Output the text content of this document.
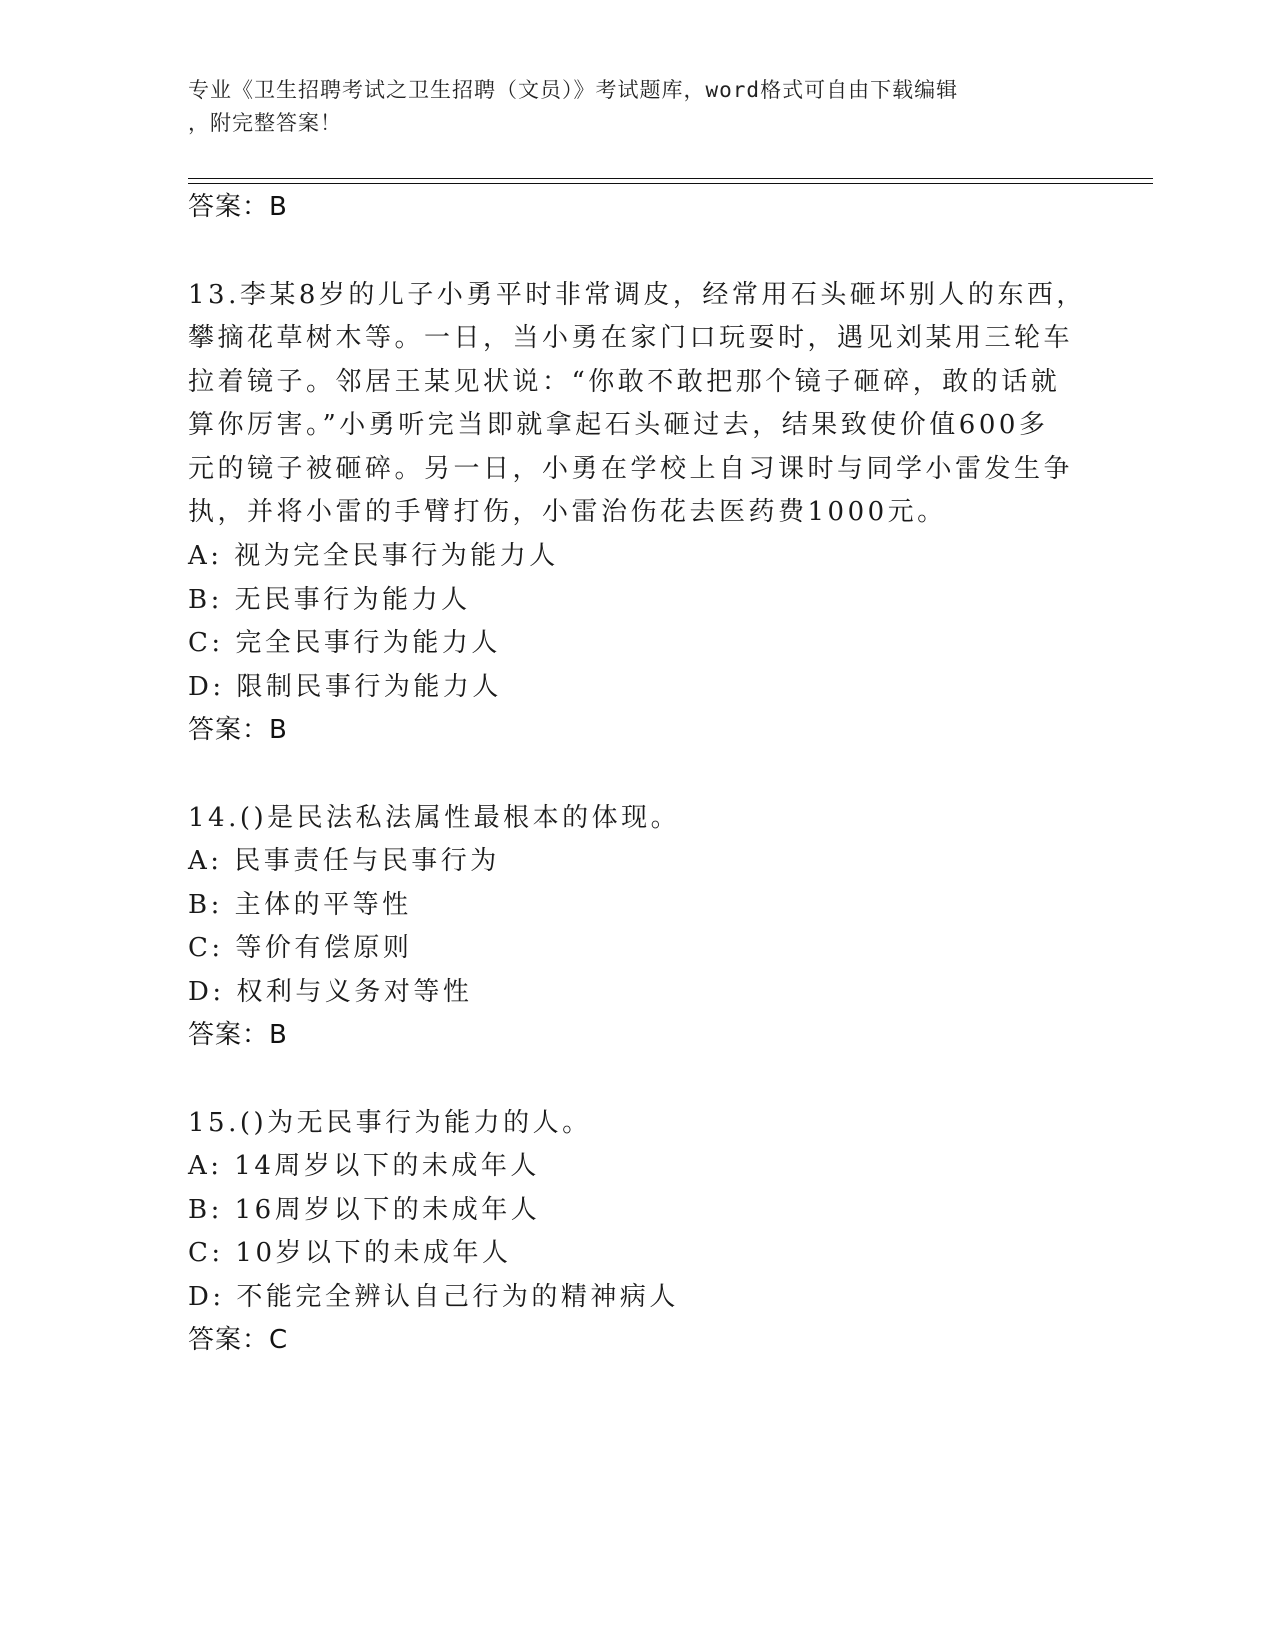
专业《卫生招聘考试之卫生招聘（文员）》考试题库，word格式可自由下载编辑
，附完整答案！
答案：B
13.李某8岁的儿子小勇平时非常调皮，经常用石头砸坏别人的东西，
攀摘花草树木等。一日，当小勇在家门口玩耍时，遇见刘某用三轮车
拉着镜子。邻居王某见状说：“你敢不敢把那个镜子砸碎，敢的话就
算你厉害。”小勇听完当即就拿起石头砸过去，结果致使价值600多
元的镜子被砸碎。另一日，小勇在学校上自习课时与同学小雷发生争
执，并将小雷的手臂打伤，小雷治伤花去医药费1000元。
A: 视为完全民事行为能力人
B: 无民事行为能力人
C: 完全民事行为能力人
D: 限制民事行为能力人
答案：B
14.()是民法私法属性最根本的体现。
A: 民事责任与民事行为
B: 主体的平等性
C: 等价有偿原则
D: 权利与义务对等性
答案：B
15.()为无民事行为能力的人。
A: 14周岁以下的未成年人
B: 16周岁以下的未成年人
C: 10岁以下的未成年人
D: 不能完全辨认自己行为的精神病人
答案：C
